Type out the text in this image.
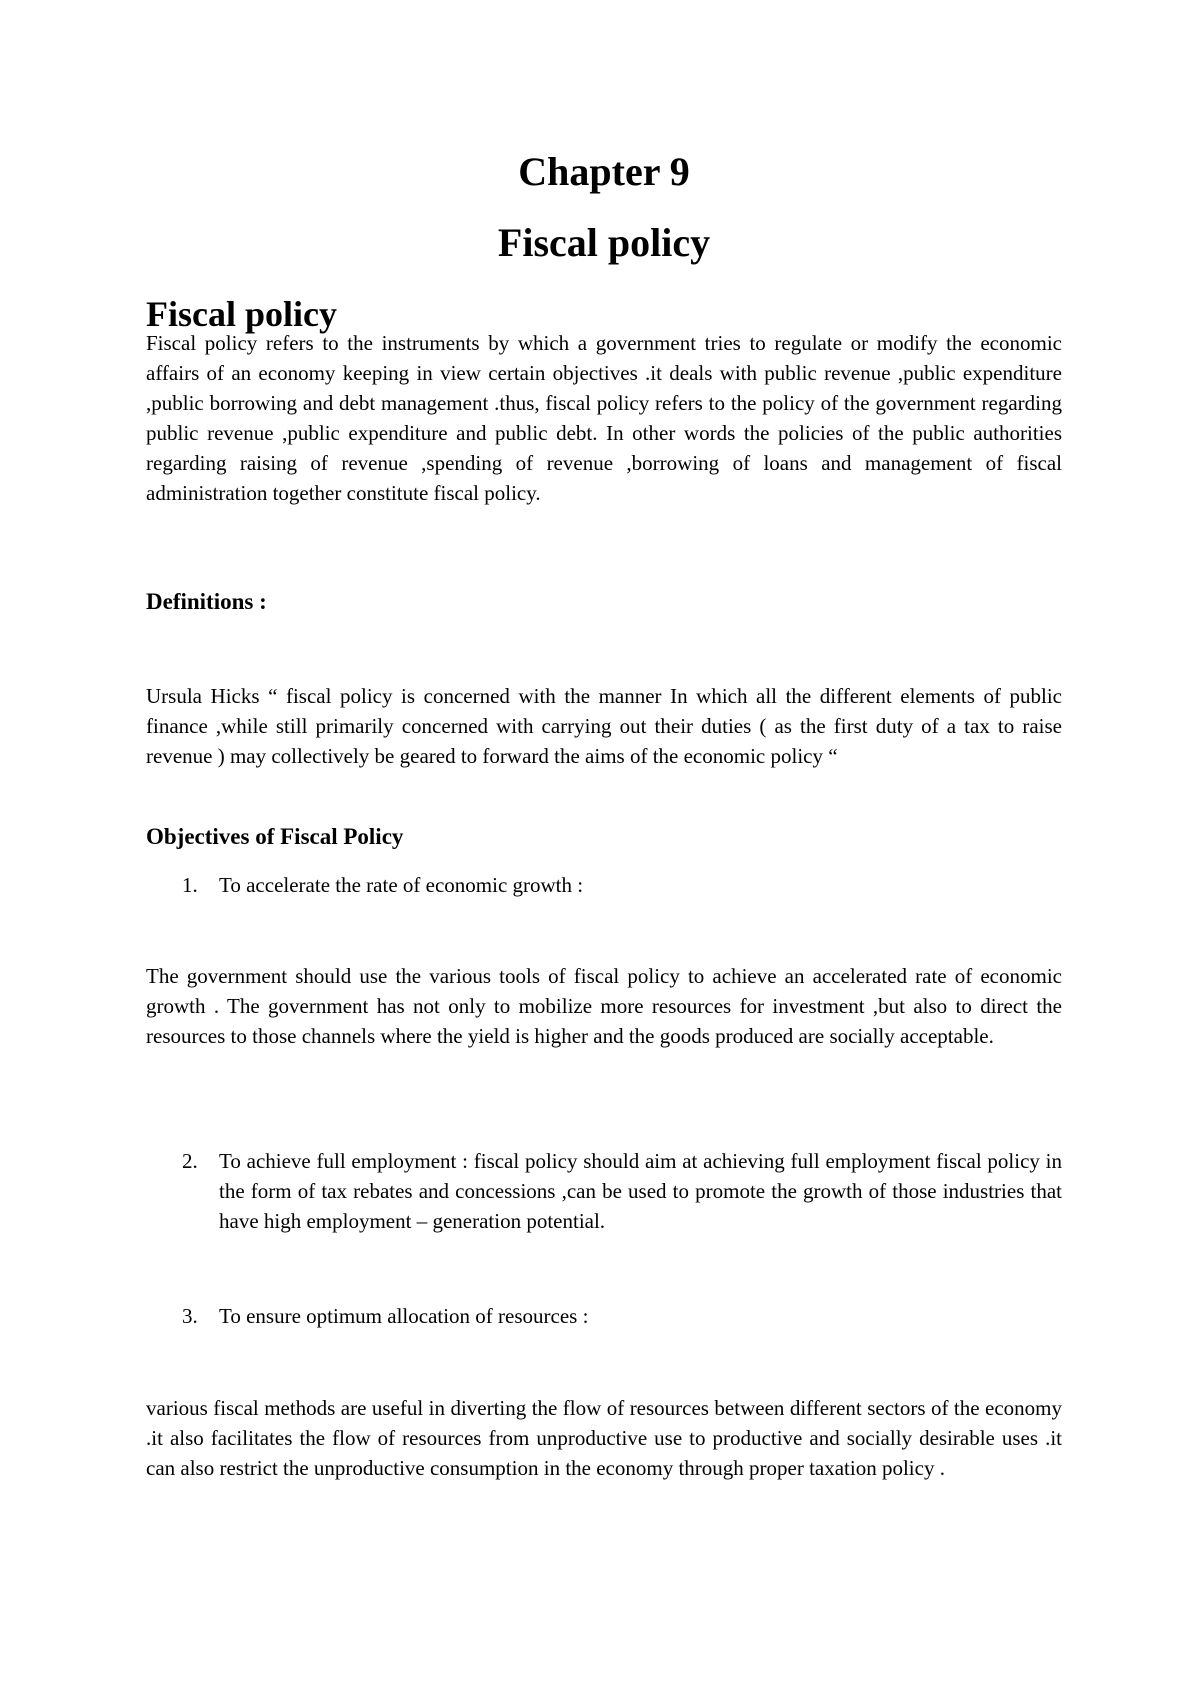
Chapter 9
Fiscal policy
Fiscal policy

Fiscal policy refers to the instruments by which a government tries to regulate or modify the economic affairs of an economy keeping in view certain objectives .it deals with public revenue ,public expenditure ,public borrowing and debt management .thus, fiscal policy refers to the policy of the government regarding public revenue ,public expenditure and public debt. In other words the policies of the public authorities regarding raising of revenue ,spending of revenue ,borrowing of loans and management of fiscal administration together constitute fiscal policy.

Definitions :

Ursula Hicks “ fiscal policy is concerned with the manner In which all the different elements of public finance ,while still primarily concerned with carrying out their duties ( as the first duty of a tax to raise revenue ) may collectively be geared to forward the aims of the economic policy “

Objectives of Fiscal Policy
1. To accelerate the rate of economic growth :

The government should use the various tools of fiscal policy to achieve an accelerated rate of economic growth . The government has not only to mobilize more resources for investment ,but also to direct the resources to those channels where the yield is higher and the goods produced are socially acceptable.

2. To achieve full employment : fiscal policy should aim at achieving full employment fiscal policy in the form of tax rebates and concessions ,can be used to promote the growth of those industries that have high employment – generation potential.
3. To ensure optimum allocation of resources :

various fiscal methods are useful in diverting the flow of resources between different sectors of the economy .it also facilitates the flow of resources from unproductive use to productive and socially desirable uses .it can also restrict the unproductive consumption in the economy through proper taxation policy .
